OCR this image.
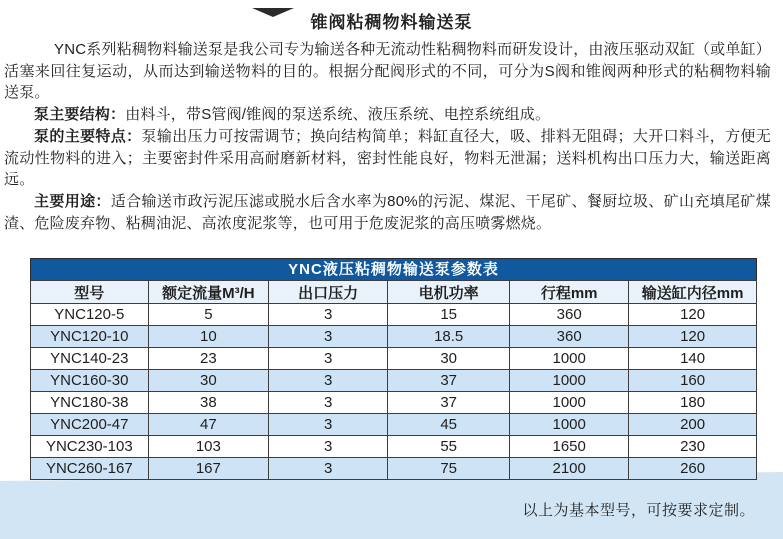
锥阀粘稠物料输送泵

YNC系列粘稠物料输送泵是我公司专为输送各种无流动性粘稠物料而研发设计，由液压驱动双缸（或单缸）活塞来回往复运动，从而达到输送物料的目的。根据分配阀形式的不同，可分为S阀和锥阀两种形式的粘稠物料输送泵。

泵主要结构：由料斗，带S管阀/锥阀的泵送系统、液压系统、电控系统组成。

泵的主要特点：泵输出压力可按需调节；换向结构简单；料缸直径大，吸、排料无阻碍；大开口料斗，方便无流动性物料的进入；主要密封件采用高耐磨新材料，密封性能良好，物料无泄漏；送料机构出口压力大，输送距离远。

主要用途：适合输送市政污泥压滤或脱水后含水率为80%的污泥、煤泥、干尾矿、餐厨垃圾、矿山充填尾矿煤渣、危险废弃物、粘稠油泥、高浓度泥浆等，也可用于危废泥浆的高压喷雾燃烧。

YNC液压粘稠物输送泵参数表
型号	额定流量M³/H	出口压力	电机功率	行程mm	输送缸内径mm
YNC120-5	5	3	15	360	120
YNC120-10	10	3	18.5	360	120
YNC140-23	23	3	30	1000	140
YNC160-30	30	3	37	1000	160
YNC180-38	38	3	37	1000	180
YNC200-47	47	3	45	1000	200
YNC230-103	103	3	55	1650	230
YNC260-167	167	3	75	2100	260
以上为基本型号，可按要求定制。
